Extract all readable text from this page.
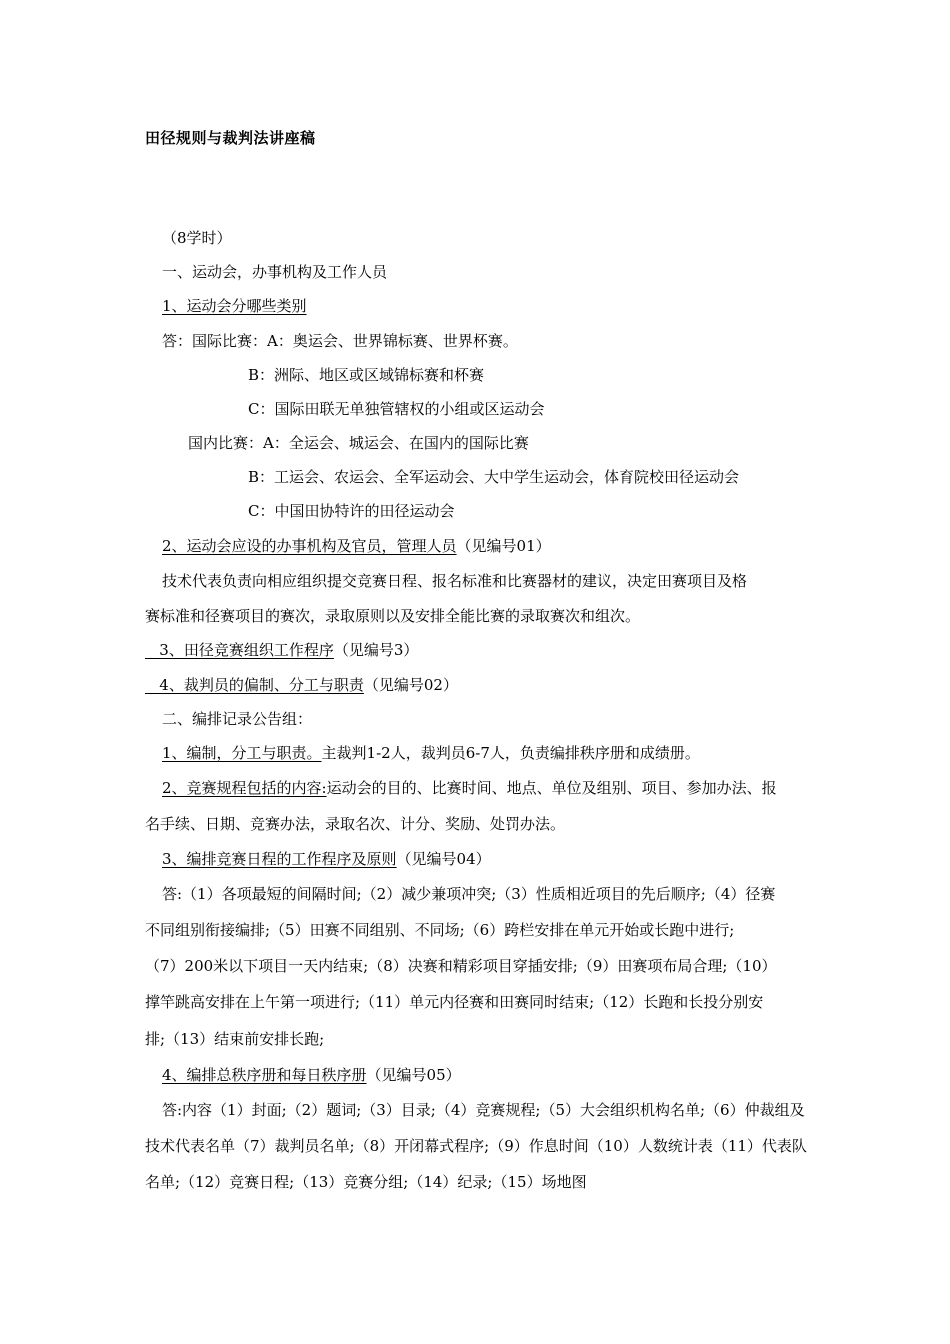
田径规则与裁判法讲座稿
（8学时）
一、运动会，办事机构及工作人员
1、运动会分哪些类别
答：国际比赛：A：奥运会、世界锦标赛、世界杯赛。
B：洲际、地区或区域锦标赛和杯赛
C：国际田联无单独管辖权的小组或区运动会
国内比赛：A：全运会、城运会、在国内的国际比赛
B：工运会、农运会、全军运动会、大中学生运动会，体育院校田径运动会
C：中国田协特许的田径运动会
2、运动会应设的办事机构及官员，管理人员（见编号01）
技术代表负责向相应组织提交竞赛日程、报名标准和比赛器材的建议，决定田赛项目及格
赛标准和径赛项目的赛次，录取原则以及安排全能比赛的录取赛次和组次。
3、田径竞赛组织工作程序（见编号3）
4、裁判员的偏制、分工与职责（见编号02）
二、编排记录公告组：
1、编制，分工与职责。主裁判1-2人，裁判员6-7人，负责编排秩序册和成绩册。
2、竞赛规程包括的内容:运动会的目的、比赛时间、地点、单位及组别、项目、参加办法、报
名手续、日期、竞赛办法，录取名次、计分、奖励、处罚办法。
3、编排竞赛日程的工作程序及原则（见编号04）
答:（1）各项最短的间隔时间;（2）减少兼项冲突;（3）性质相近项目的先后顺序;（4）径赛
不同组别衔接编排;（5）田赛不同组别、不同场;（6）跨栏安排在单元开始或长跑中进行;
（7）200米以下项目一天内结束;（8）决赛和精彩项目穿插安排;（9）田赛项布局合理;（10）
撑竿跳高安排在上午第一项进行;（11）单元内径赛和田赛同时结束;（12）长跑和长投分别安
排;（13）结束前安排长跑;
4、编排总秩序册和每日秩序册（见编号05）
答:内容（1）封面;（2）题词;（3）目录;（4）竞赛规程;（5）大会组织机构名单;（6）仲裁组及
技术代表名单（7）裁判员名单;（8）开闭幕式程序;（9）作息时间（10）人数统计表（11）代表队
名单;（12）竞赛日程;（13）竞赛分组;（14）纪录;（15）场地图
